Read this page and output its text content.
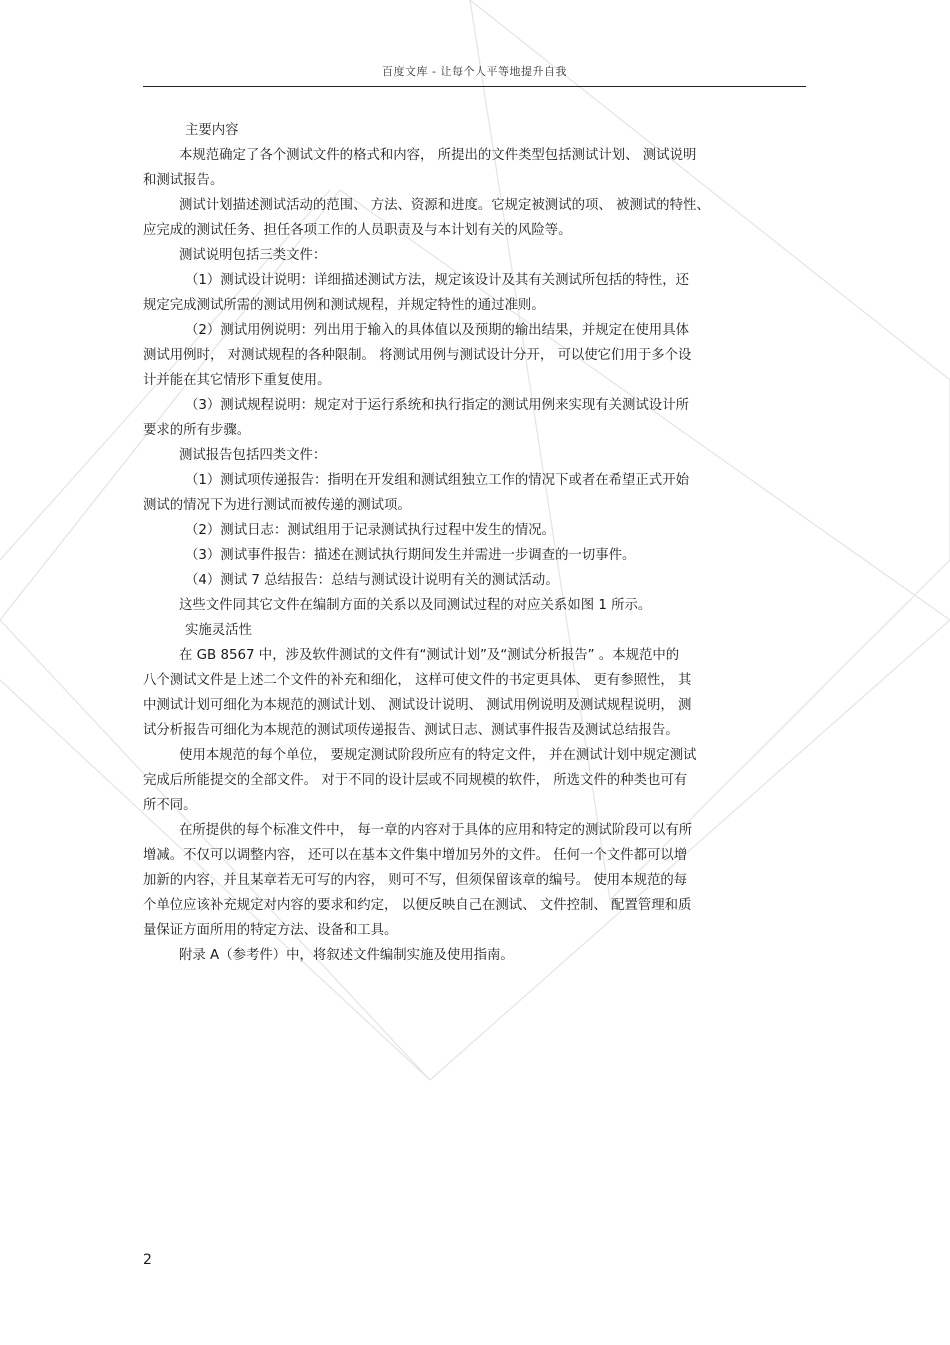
百度文库 - 让每个人平等地提升自我

主要内容

本规范确定了各个测试文件的格式和内容， 所提出的文件类型包括测试计划、 测试说明

和测试报告。

测试计划描述测试活动的范围、 方法、资源和进度。它规定被测试的项、 被测试的特性、

应完成的测试任务、担任各项工作的人员职责及与本计划有关的风险等。

测试说明包括三类文件：

（1）测试设计说明：详细描述测试方法，规定该设计及其有关测试所包括的特性，还

规定完成测试所需的测试用例和测试规程，并规定特性的通过准则。

（2）测试用例说明：列出用于输入的具体值以及预期的输出结果，并规定在使用具体

测试用例时， 对测试规程的各种限制。 将测试用例与测试设计分开， 可以使它们用于多个设

计并能在其它情形下重复使用。

（3）测试规程说明：规定对于运行系统和执行指定的测试用例来实现有关测试设计所

要求的所有步骤。

测试报告包括四类文件：

（1）测试项传递报告：指明在开发组和测试组独立工作的情况下或者在希望正式开始

测试的情况下为进行测试而被传递的测试项。

（2）测试日志：测试组用于记录测试执行过程中发生的情况。

（3）测试事件报告：描述在测试执行期间发生并需进一步调查的一切事件。

（4）测试 7 总结报告：总结与测试设计说明有关的测试活动。

这些文件同其它文件在编制方面的关系以及同测试过程的对应关系如图 1 所示。

实施灵活性

在 GB 8567 中，涉及软件测试的文件有“测试计划”及“测试分析报告” 。本规范中的

八个测试文件是上述二个文件的补充和细化， 这样可使文件的书定更具体、 更有参照性， 其

中测试计划可细化为本规范的测试计划、 测试设计说明、 测试用例说明及测试规程说明， 测

试分析报告可细化为本规范的测试项传递报告、测试日志、测试事件报告及测试总结报告。

使用本规范的每个单位， 要规定测试阶段所应有的特定文件， 并在测试计划中规定测试

完成后所能提交的全部文件。 对于不同的设计层或不同规模的软件， 所选文件的种类也可有

所不同。

在所提供的每个标准文件中， 每一章的内容对于具体的应用和特定的测试阶段可以有所

增减。不仅可以调整内容， 还可以在基本文件集中增加另外的文件。 任何一个文件都可以增

加新的内容，并且某章若无可写的内容， 则可不写，但须保留该章的编号。 使用本规范的每

个单位应该补充规定对内容的要求和约定， 以便反映自己在测试、 文件控制、 配置管理和质

量保证方面所用的特定方法、设备和工具。

附录 A（参考件）中，将叙述文件编制实施及使用指南。

2
